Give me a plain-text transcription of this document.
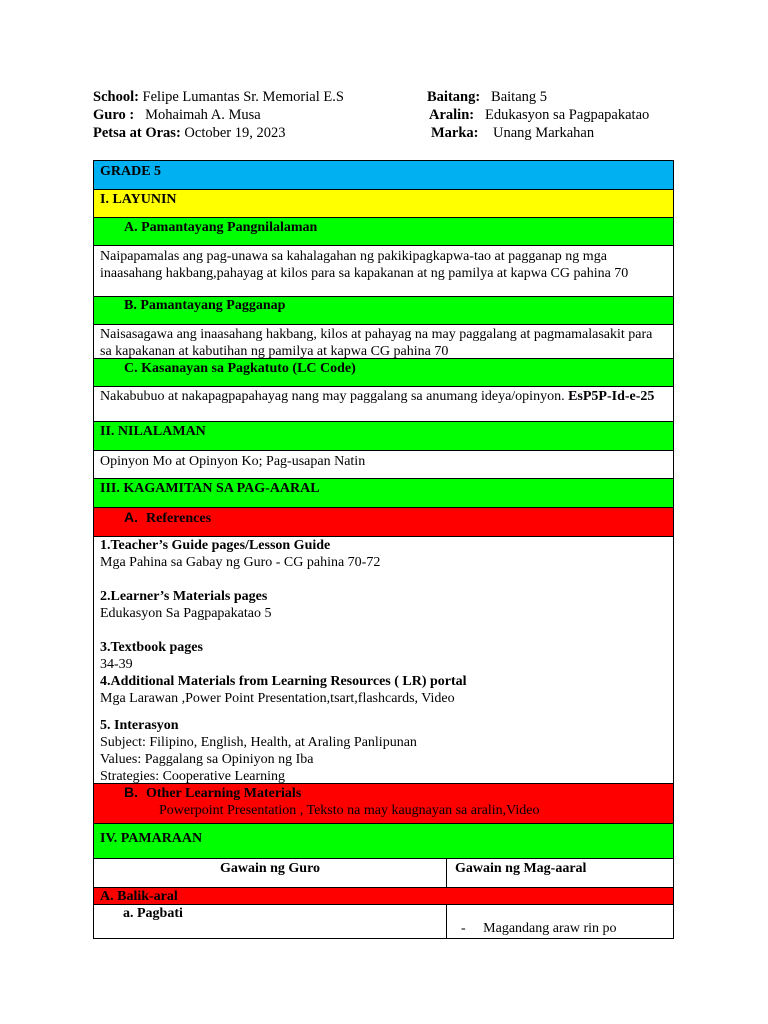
School: Felipe Lumantas Sr. Memorial E.S
Guro : Mohaimah A. Musa
Petsa at Oras: October 19, 2023
Baitang: Baitang 5
Aralin: Edukasyon sa Pagpapakatao
Marka: Unang Markahan
GRADE 5
I. LAYUNIN
A. Pamantayang Pangnilalaman
Naipapamalas ang pag-unawa sa kahalagahan ng pakikipagkapwa-tao at pagganap ng mga inaasahang hakbang,pahayag at kilos para sa kapakanan at ng pamilya at kapwa CG pahina 70
B. Pamantayang Pagganap
Naisasagawa ang inaasahang hakbang, kilos at pahayag na may paggalang at pagmamalasakit para sa kapakanan at kabutihan ng pamilya at kapwa CG pahina 70
C. Kasanayan sa Pagkatuto (LC Code)
Nakabubuo at nakapagpapahayag nang may paggalang sa anumang ideya/opinyon. EsP5P-Id-e-25
II. NILALAMAN
Opinyon Mo at Opinyon Ko; Pag-usapan Natin
III. KAGAMITAN SA PAG-AARAL
A. References

1.Teacher’s Guide pages/Lesson Guide

Mga Pahina sa Gabay ng Guro - CG pahina 70-72

2.Learner’s Materials pages

Edukasyon Sa Pagpapakatao 5

3.Textbook pages

34-39

4.Additional Materials from Learning Resources ( LR) portal

Mga Larawan ,Power Point Presentation,tsart,flashcards, Video

5. Interasyon

Subject: Filipino, English, Health, at Araling Panlipunan

Values: Paggalang sa Opiniyon ng Iba

Strategies: Cooperative Learning

B. Other Learning Materials
Powerpoint Presentation , Teksto na may kaugnayan sa aralin,Video
IV. PAMARAAN
Gawain ng Guro	Gawain ng Mag-aaral
A. Balik-aral
a. Pagbati
- Magandang araw rin po
